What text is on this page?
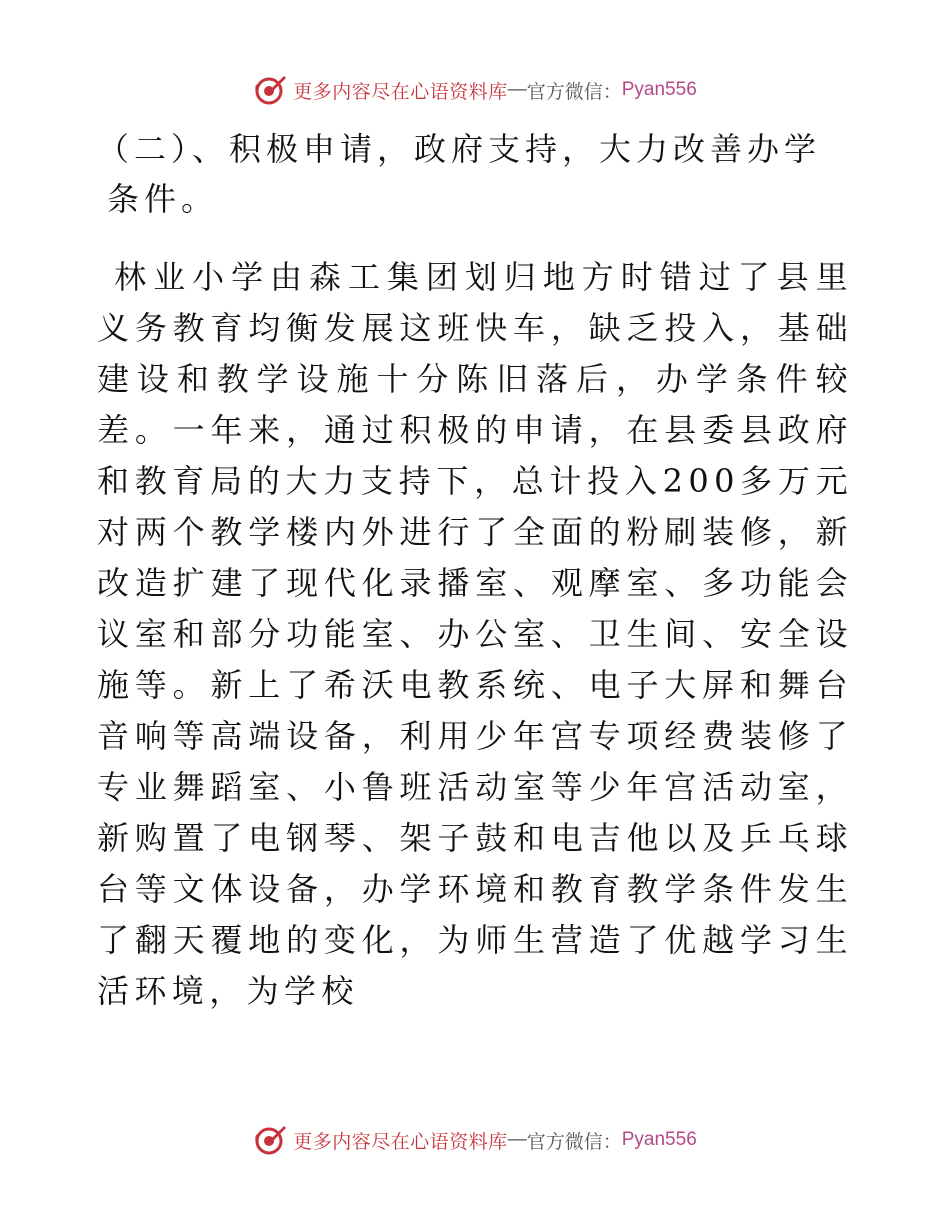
更多内容尽在心语资料库 — 官方微信： Pyan556

（二）、积极申请，政府支持，大力改善办学条件。

林业小学由森工集团划归地方时错过了县里义务教育均衡发展这班快车，缺乏投入，基础建设和教学设施十分陈旧落后，办学条件较差。一年来，通过积极的申请，在县委县政府和教育局的大力支持下，总计投入200多万元对两个教学楼内外进行了全面的粉刷装修，新改造扩建了现代化录播室、观摩室、多功能会议室和部分功能室、办公室、卫生间、安全设施等。新上了希沃电教系统、电子大屏和舞台音响等高端设备，利用少年宫专项经费装修了专业舞蹈室、小鲁班活动室等少年宫活动室，新购置了电钢琴、架子鼓和电吉他以及乒乓球台等文体设备，办学环境和教育教学条件发生了翻天覆地的变化，为师生营造了优越学习生活环境，为学校

更多内容尽在心语资料库 — 官方微信： Pyan556
